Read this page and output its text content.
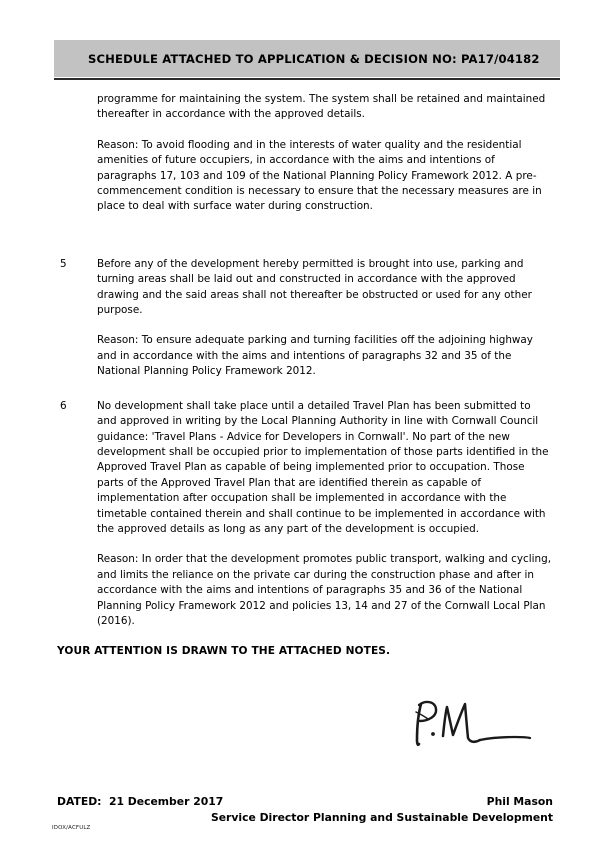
SCHEDULE ATTACHED TO APPLICATION & DECISION NO: PA17/04182

programme for maintaining the system. The system shall be retained and maintained thereafter in accordance with the approved details.

Reason: To avoid flooding and in the interests of water quality and the residential amenities of future occupiers, in accordance with the aims and intentions of paragraphs 17, 103 and 109 of the National Planning Policy Framework 2012. A pre-commencement condition is necessary to ensure that the necessary measures are in place to deal with surface water during construction.

5	Before any of the development hereby permitted is brought into use, parking and turning areas shall be laid out and constructed in accordance with the approved drawing and the said areas shall not thereafter be obstructed or used for any other purpose.

Reason: To ensure adequate parking and turning facilities off the adjoining highway and in accordance with the aims and intentions of paragraphs 32 and 35 of the National Planning Policy Framework 2012.

6	No development shall take place until a detailed Travel Plan has been submitted to and approved in writing by the Local Planning Authority in line with Cornwall Council guidance: 'Travel Plans - Advice for Developers in Cornwall'. No part of the new development shall be occupied prior to implementation of those parts identified in the Approved Travel Plan as capable of being implemented prior to occupation. Those parts of the Approved Travel Plan that are identified therein as capable of implementation after occupation shall be implemented in accordance with the timetable contained therein and shall continue to be implemented in accordance with the approved details as long as any part of the development is occupied.

Reason: In order that the development promotes public transport, walking and cycling, and limits the reliance on the private car during the construction phase and after in accordance with the aims and intentions of paragraphs 35 and 36 of the National Planning Policy Framework 2012 and policies 13, 14 and 27 of the Cornwall Local Plan (2016).

YOUR ATTENTION IS DRAWN TO THE ATTACHED NOTES.
DATED:  21 December 2017	Phil Mason
Service Director Planning and Sustainable Development
IDOX/ACFULZ
